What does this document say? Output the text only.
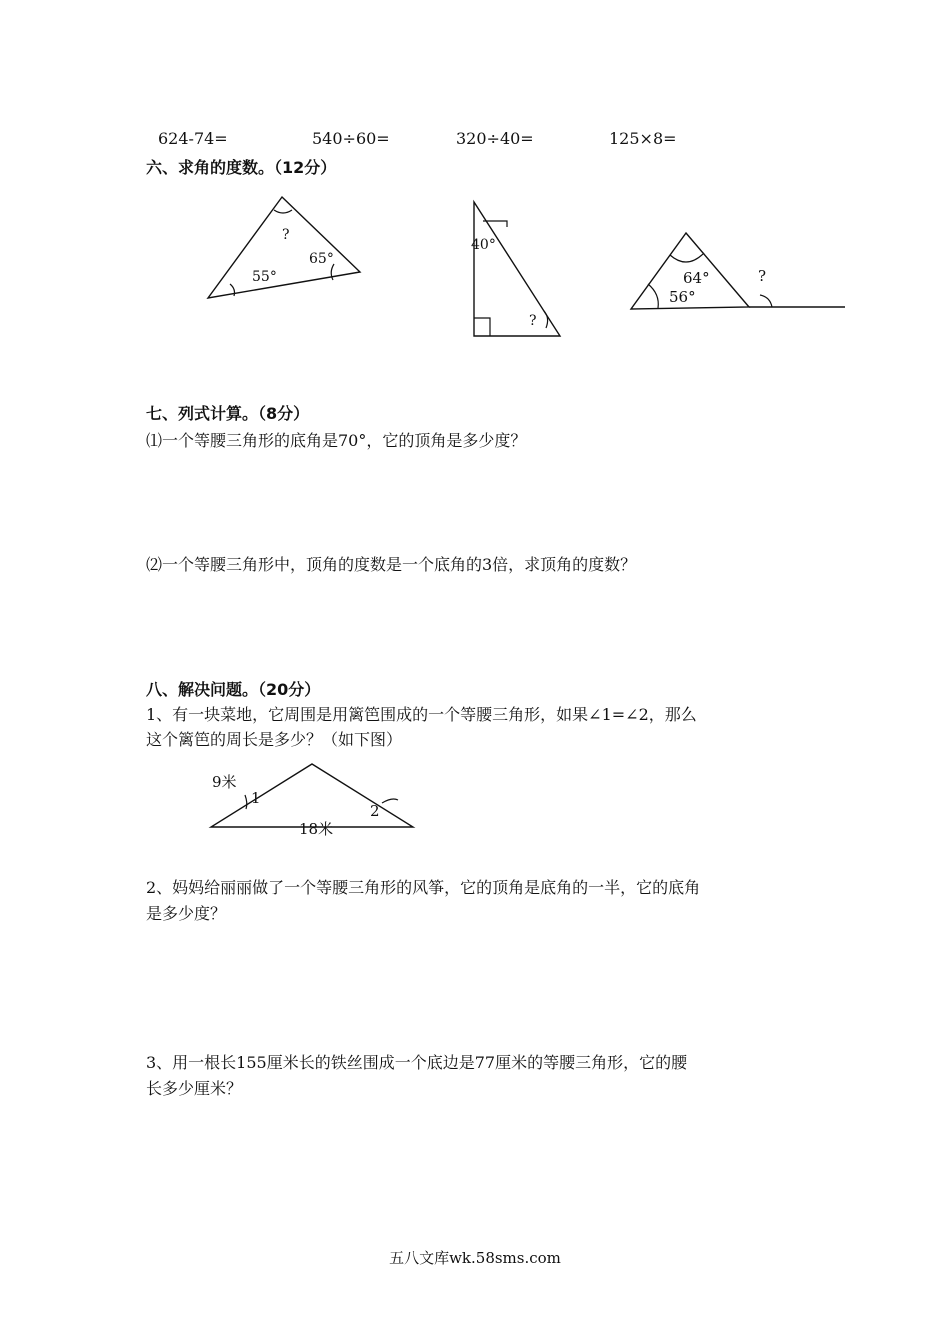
624-74=	540÷60=	320÷40=	125×8=
六、求角的度数。（12分）
?
65°
55°
40°
?
64°
56°
?
9米
1
2
18米
七、列式计算。（8分）
⑴一个等腰三角形的底角是70°，它的顶角是多少度？
⑵一个等腰三角形中，顶角的度数是一个底角的3倍，求顶角的度数？
八、解决问题。（20分）
1、有一块菜地，它周围是用篱笆围成的一个等腰三角形，如果∠1=∠2，那么
这个篱笆的周长是多少？（如下图）
2、妈妈给丽丽做了一个等腰三角形的风筝，它的顶角是底角的一半，它的底角
是多少度？
3、用一根长155厘米长的铁丝围成一个底边是77厘米的等腰三角形，它的腰
长多少厘米？
五八文库wk.58sms.com
